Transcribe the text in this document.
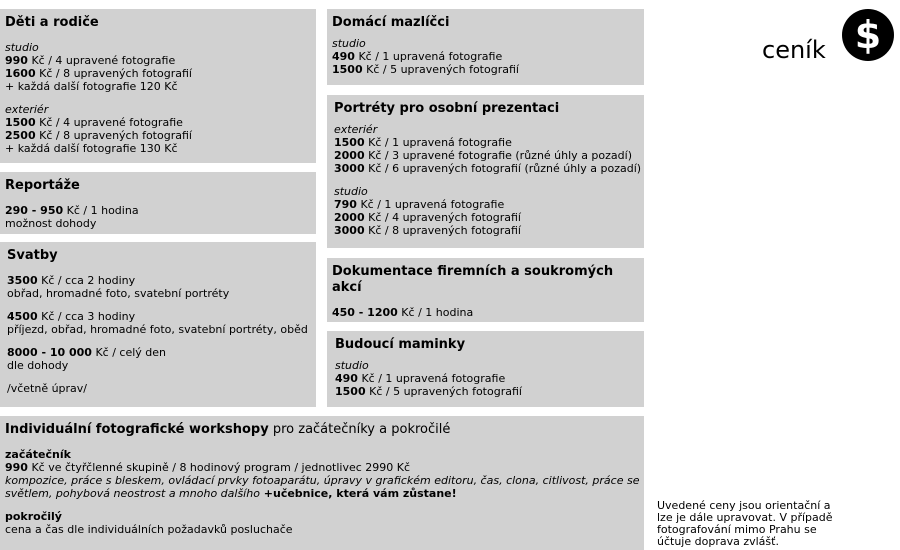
ceník $
Děti a rodiče
studio
990 Kč / 4 upravené fotografie
1600 Kč / 8 upravených fotografií
+ každá další fotografie 120 Kč
exteriér
1500 Kč / 4 upravené fotografie
2500 Kč / 8 upravených fotografií
+ každá další fotografie 130 Kč
Reportáže
290 - 950 Kč / 1 hodina
možnost dohody
Svatby
3500 Kč / cca 2 hodiny
obřad, hromadné foto, svatební portréty
4500 Kč / cca 3 hodiny
příjezd, obřad, hromadné foto, svatební portréty, oběd
8000 - 10 000 Kč / celý den
dle dohody
/včetně úprav/
Domácí mazlíčci
studio
490 Kč / 1 upravená fotografie
1500 Kč / 5 upravených fotografií
Portréty pro osobní prezentaci
exteriér
1500 Kč / 1 upravená fotografie
2000 Kč / 3 upravené fotografie (různé úhly a pozadí)
3000 Kč / 6 upravených fotografií (různé úhly a pozadí)
studio
790 Kč / 1 upravená fotografie
2000 Kč / 4 upravených fotografií
3000 Kč / 8 upravených fotografií
Dokumentace firemních a soukromých
akcí
450 - 1200 Kč / 1 hodina
Budoucí maminky
studio
490 Kč / 1 upravená fotografie
1500 Kč / 5 upravených fotografií
Individuální fotografické workshopy pro začátečníky a pokročilé
začátečník
990 Kč ve čtyřčlenné skupině / 8 hodinový program / jednotlivec 2990 Kč
kompozice, práce s bleskem, ovládací prvky fotoaparátu, úpravy v grafickém editoru, čas, clona, citlivost, práce se
světlem, pohybová neostrost a mnoho dalšího +učebnice, která vám zůstane!
pokročilý
cena a čas dle individuálních požadavků posluchače
Uvedené ceny jsou orientační a lze je dále upravovat. V případě fotografování mimo Prahu se účtuje doprava zvlášť.
